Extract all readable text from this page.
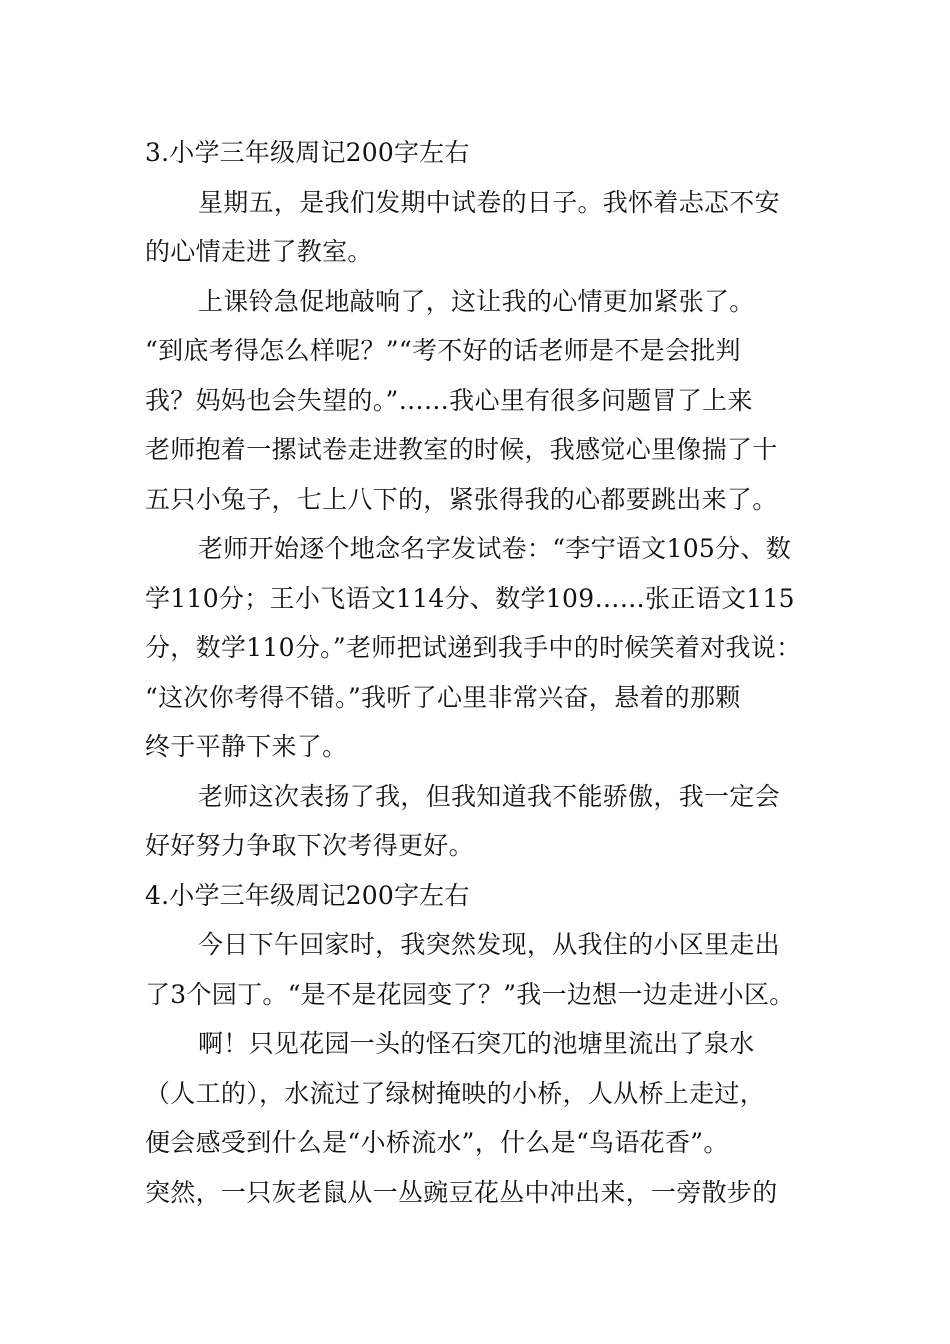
3.小学三年级周记200字左右
星期五，是我们发期中试卷的日子。我怀着忐忑不安
的心情走进了教室。
上课铃急促地敲响了，这让我的心情更加紧张了。
“到底考得怎么样呢？”“考不好的话老师是不是会批判
我？妈妈也会失望的。”……我心里有很多问题冒了上来
老师抱着一摞试卷走进教室的时候，我感觉心里像揣了十
五只小兔子，七上八下的，紧张得我的心都要跳出来了。
老师开始逐个地念名字发试卷：“李宁语文105分、数
学110分；王小飞语文114分、数学109……张正语文115
分，数学110分。”老师把试递到我手中的时候笑着对我说：
“这次你考得不错。”我听了心里非常兴奋，悬着的那颗
终于平静下来了。
老师这次表扬了我，但我知道我不能骄傲，我一定会
好好努力争取下次考得更好。
4.小学三年级周记200字左右
今日下午回家时，我突然发现，从我住的小区里走出
了3个园丁。“是不是花园变了？”我一边想一边走进小区。
啊！只见花园一头的怪石突兀的池塘里流出了泉水
（人工的），水流过了绿树掩映的小桥，人从桥上走过，
便会感受到什么是“小桥流水”，什么是“鸟语花香”。
突然，一只灰老鼠从一丛豌豆花丛中冲出来，一旁散步的
